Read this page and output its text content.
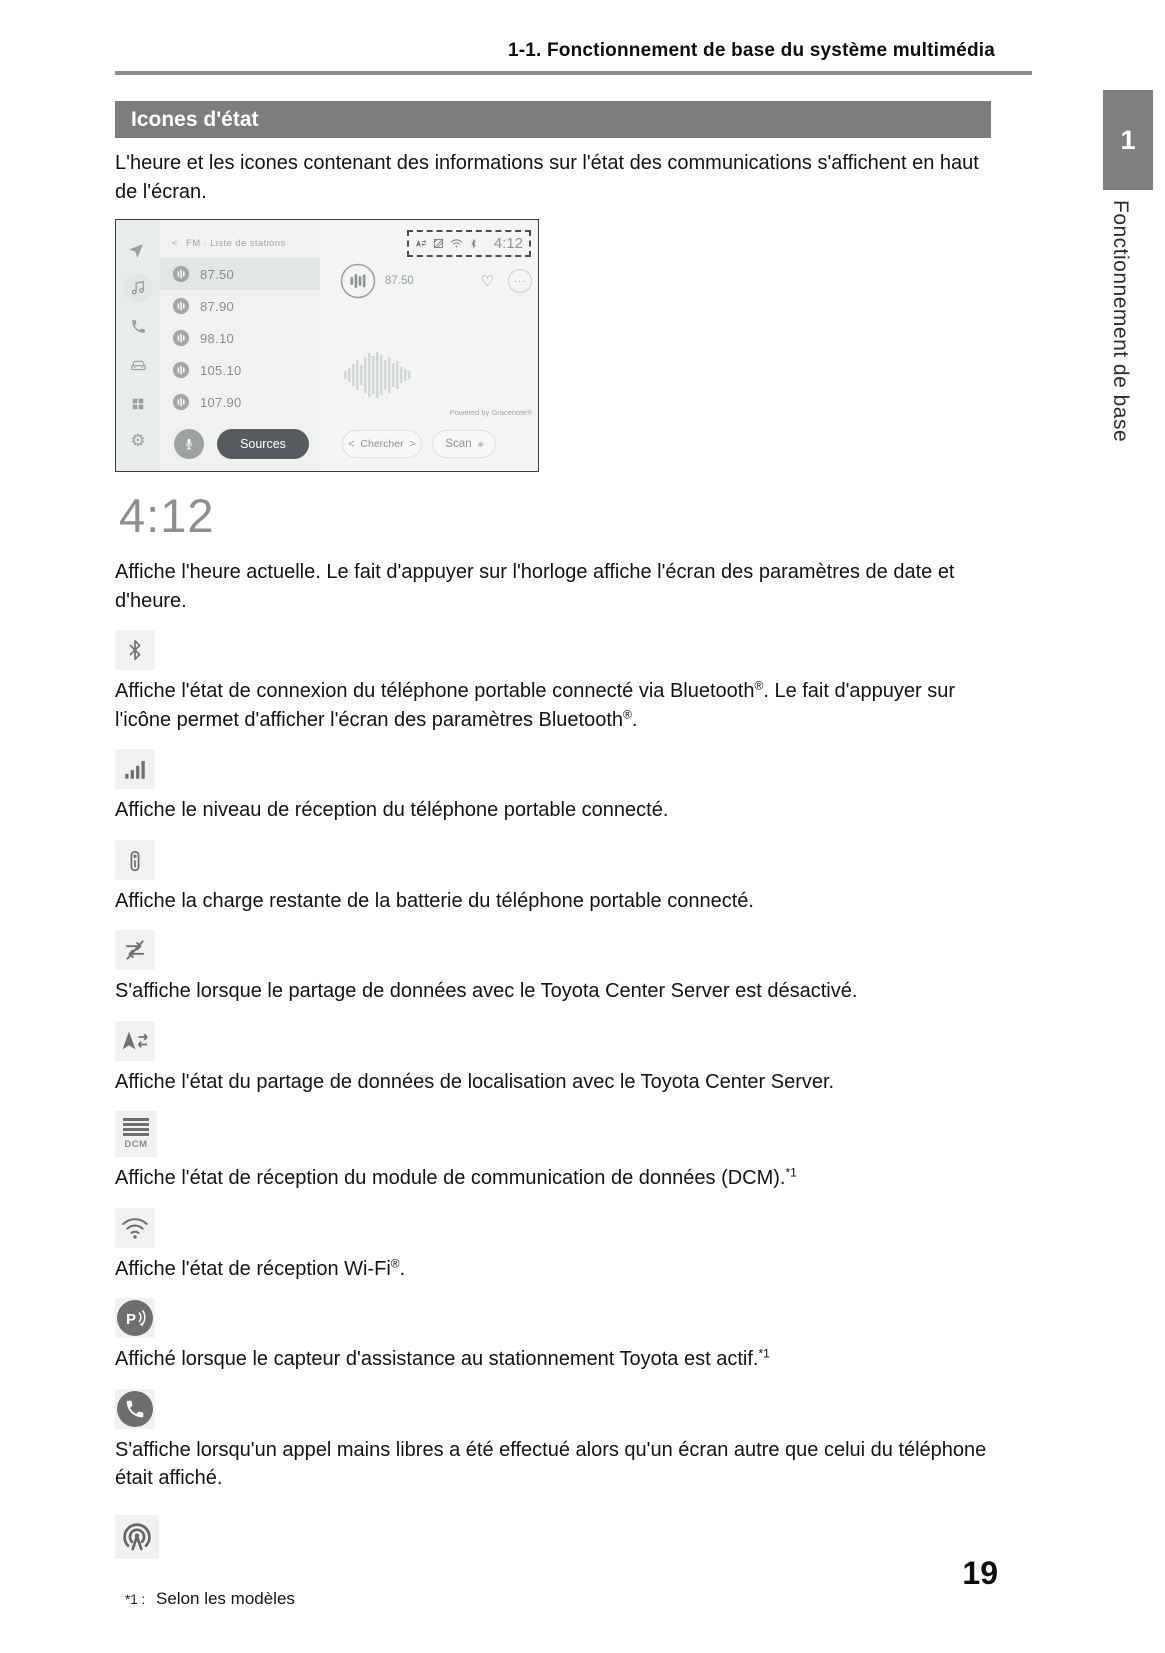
1-1. Fonctionnement de base du système multimédia
Icones d'état

L'heure et les icones contenant des informations sur l'état des communications s'affichent en haut de l'écran.

⚙
< FM · Liste de stations
87.50
87.90
98.10
105.10
107.90
4:12
87.50	♡	···
Powered by Gracenote®
Sources	< Chercher >	Scan
4:12

Affiche l'heure actuelle. Le fait d'appuyer sur l'horloge affiche l'écran des paramètres de date et d'heure.

Affiche l'état de connexion du téléphone portable connecté via Bluetooth®. Le fait d'appuyer sur l'icône permet d'afficher l'écran des paramètres Bluetooth®.

Affiche le niveau de réception du téléphone portable connecté.

Affiche la charge restante de la batterie du téléphone portable connecté.

S'affiche lorsque le partage de données avec le Toyota Center Server est désactivé.

Affiche l'état du partage de données de localisation avec le Toyota Center Server.

DCM

Affiche l'état de réception du module de communication de données (DCM).$^{*1}$

Affiche l'état de réception Wi-Fi®.

P

Affiché lorsque le capteur d'assistance au stationnement Toyota est actif.$^{*1}$

S'affiche lorsqu'un appel mains libres a été effectué alors qu'un écran autre que celui du téléphone était affiché.

*1 : Selon les modèles

1
Fonctionnement de base
19
